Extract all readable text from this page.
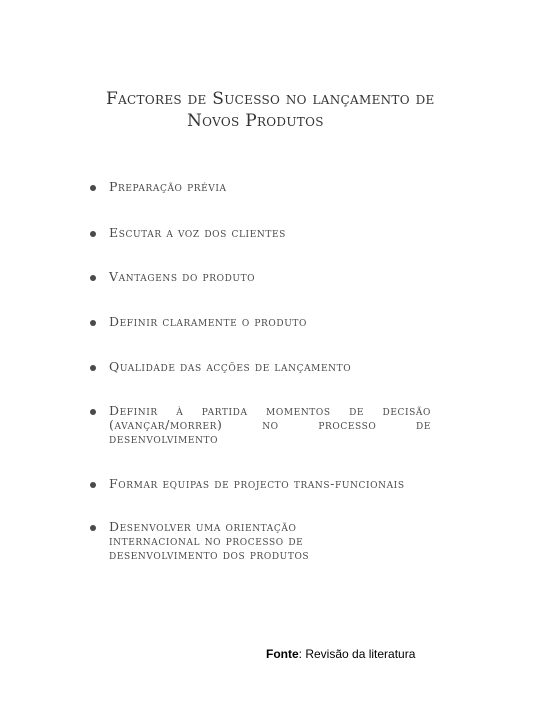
Factores de Sucesso no lançamento de
Novos Produtos
Preparação prévia
Escutar a voz dos clientes
Vantagens do produto
Definir claramente o produto
Qualidade das acções de lançamento
Definir à partida momentos de decisão (avançar/morrer) no processo de desenvolvimento
Formar equipas de projecto trans-funcionais
Desenvolver uma orientação internacional no processo de desenvolvimento dos produtos
Fonte: Revisão da literatura
